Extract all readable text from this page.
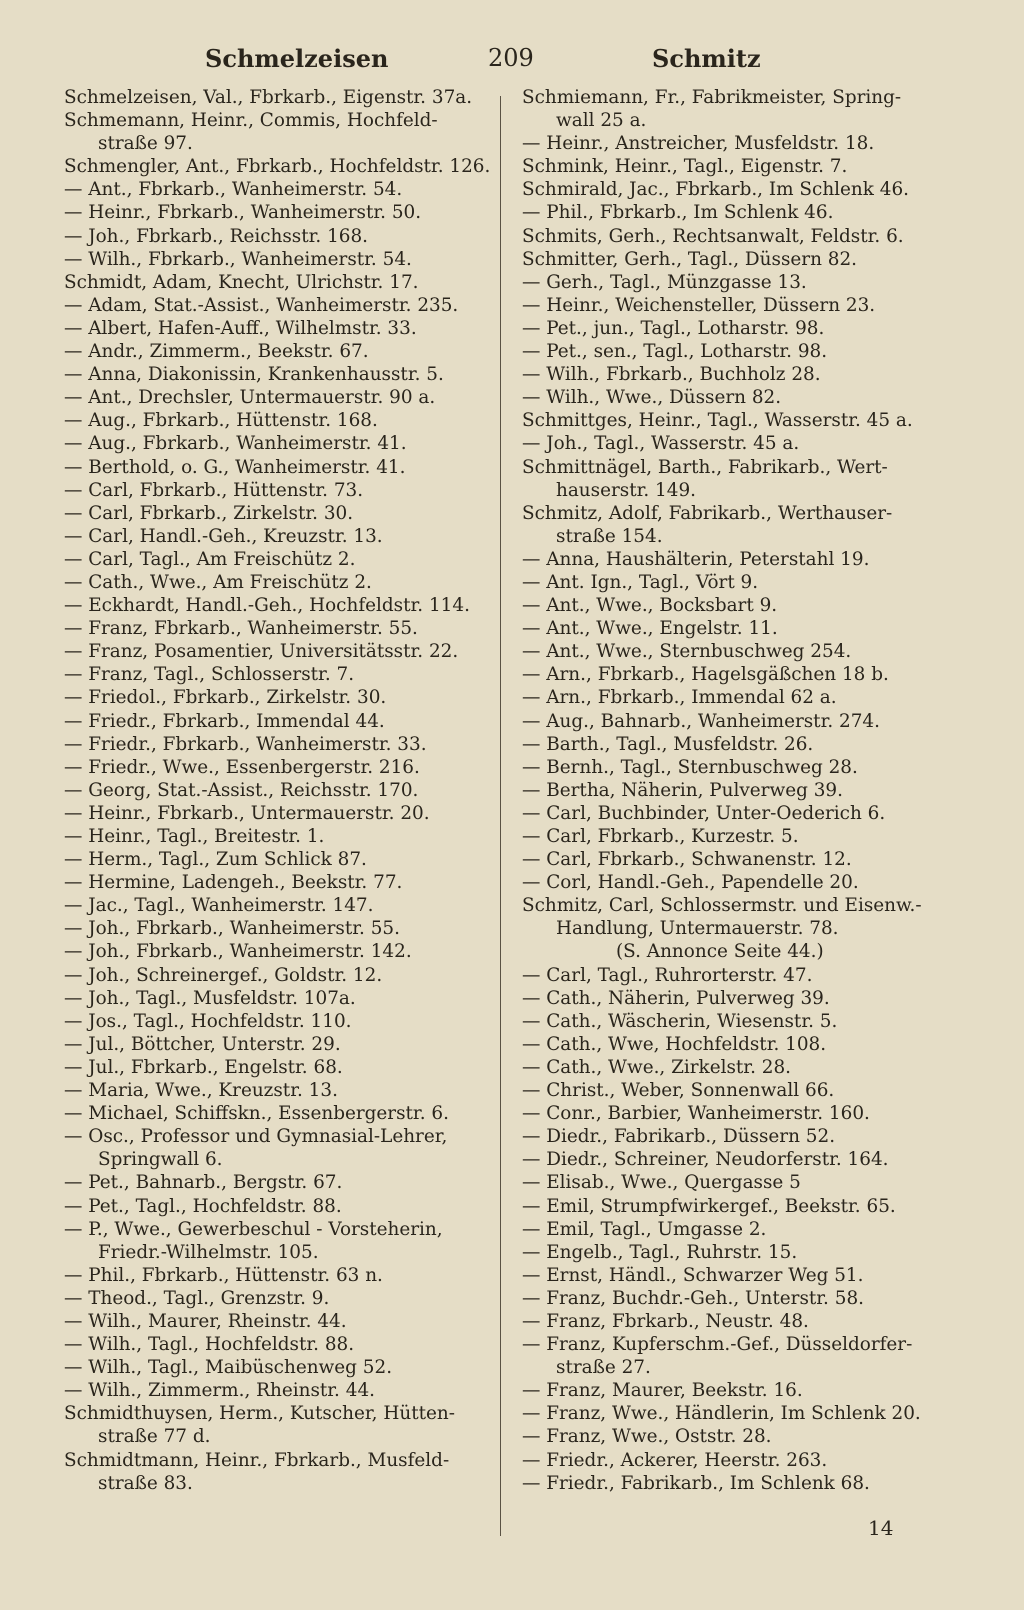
Schmelzeisen	209	Schmitz
Schmelzeisen, Val., Fbrkarb., Eigenstr. 37a.
Schmemann, Heinr., Commis, Hochfeld-
straße 97.
Schmengler, Ant., Fbrkarb., Hochfeldstr. 126.
— Ant., Fbrkarb., Wanheimerstr. 54.
— Heinr., Fbrkarb., Wanheimerstr. 50.
— Joh., Fbrkarb., Reichsstr. 168.
— Wilh., Fbrkarb., Wanheimerstr. 54.
Schmidt, Adam, Knecht, Ulrichstr. 17.
— Adam, Stat.-Assist., Wanheimerstr. 235.
— Albert, Hafen-Auff., Wilhelmstr. 33.
— Andr., Zimmerm., Beekstr. 67.
— Anna, Diakonissin, Krankenhausstr. 5.
— Ant., Drechsler, Untermauerstr. 90 a.
— Aug., Fbrkarb., Hüttenstr. 168.
— Aug., Fbrkarb., Wanheimerstr. 41.
— Berthold, o. G., Wanheimerstr. 41.
— Carl, Fbrkarb., Hüttenstr. 73.
— Carl, Fbrkarb., Zirkelstr. 30.
— Carl, Handl.-Geh., Kreuzstr. 13.
— Carl, Tagl., Am Freischütz 2.
— Cath., Wwe., Am Freischütz 2.
— Eckhardt, Handl.-Geh., Hochfeldstr. 114.
— Franz, Fbrkarb., Wanheimerstr. 55.
— Franz, Posamentier, Universitätsstr. 22.
— Franz, Tagl., Schlosserstr. 7.
— Friedol., Fbrkarb., Zirkelstr. 30.
— Friedr., Fbrkarb., Immendal 44.
— Friedr., Fbrkarb., Wanheimerstr. 33.
— Friedr., Wwe., Essenbergerstr. 216.
— Georg, Stat.-Assist., Reichsstr. 170.
— Heinr., Fbrkarb., Untermauerstr. 20.
— Heinr., Tagl., Breitestr. 1.
— Herm., Tagl., Zum Schlick 87.
— Hermine, Ladengeh., Beekstr. 77.
— Jac., Tagl., Wanheimerstr. 147.
— Joh., Fbrkarb., Wanheimerstr. 55.
— Joh., Fbrkarb., Wanheimerstr. 142.
— Joh., Schreinergef., Goldstr. 12.
— Joh., Tagl., Musfeldstr. 107a.
— Jos., Tagl., Hochfeldstr. 110.
— Jul., Böttcher, Unterstr. 29.
— Jul., Fbrkarb., Engelstr. 68.
— Maria, Wwe., Kreuzstr. 13.
— Michael, Schiffskn., Essenbergerstr. 6.
— Osc., Professor und Gymnasial-Lehrer,
Springwall 6.
— Pet., Bahnarb., Bergstr. 67.
— Pet., Tagl., Hochfeldstr. 88.
— P., Wwe., Gewerbeschul - Vorsteherin,
Friedr.-Wilhelmstr. 105.
— Phil., Fbrkarb., Hüttenstr. 63 n.
— Theod., Tagl., Grenzstr. 9.
— Wilh., Maurer, Rheinstr. 44.
— Wilh., Tagl., Hochfeldstr. 88.
— Wilh., Tagl., Maibüschenweg 52.
— Wilh., Zimmerm., Rheinstr. 44.
Schmidthuysen, Herm., Kutscher, Hütten-
straße 77 d.
Schmidtmann, Heinr., Fbrkarb., Musfeld-
straße 83.
Schmiemann, Fr., Fabrikmeister, Spring-
wall 25 a.
— Heinr., Anstreicher, Musfeldstr. 18.
Schmink, Heinr., Tagl., Eigenstr. 7.
Schmirald, Jac., Fbrkarb., Im Schlenk 46.
— Phil., Fbrkarb., Im Schlenk 46.
Schmits, Gerh., Rechtsanwalt, Feldstr. 6.
Schmitter, Gerh., Tagl., Düssern 82.
— Gerh., Tagl., Münzgasse 13.
— Heinr., Weichensteller, Düssern 23.
— Pet., jun., Tagl., Lotharstr. 98.
— Pet., sen., Tagl., Lotharstr. 98.
— Wilh., Fbrkarb., Buchholz 28.
— Wilh., Wwe., Düssern 82.
Schmittges, Heinr., Tagl., Wasserstr. 45 a.
— Joh., Tagl., Wasserstr. 45 a.
Schmittnägel, Barth., Fabrikarb., Wert-
hauserstr. 149.
Schmitz, Adolf, Fabrikarb., Werthauser-
straße 154.
— Anna, Haushälterin, Peterstahl 19.
— Ant. Ign., Tagl., Vört 9.
— Ant., Wwe., Bocksbart 9.
— Ant., Wwe., Engelstr. 11.
— Ant., Wwe., Sternbuschweg 254.
— Arn., Fbrkarb., Hagelsgäßchen 18 b.
— Arn., Fbrkarb., Immendal 62 a.
— Aug., Bahnarb., Wanheimerstr. 274.
— Barth., Tagl., Musfeldstr. 26.
— Bernh., Tagl., Sternbuschweg 28.
— Bertha, Näherin, Pulverweg 39.
— Carl, Buchbinder, Unter-Oederich 6.
— Carl, Fbrkarb., Kurzestr. 5.
— Carl, Fbrkarb., Schwanenstr. 12.
— Corl, Handl.-Geh., Papendelle 20.
Schmitz, Carl, Schlossermstr. und Eisenw.-
Handlung, Untermauerstr. 78.
(S. Annonce Seite 44.)
— Carl, Tagl., Ruhrorterstr. 47.
— Cath., Näherin, Pulverweg 39.
— Cath., Wäscherin, Wiesenstr. 5.
— Cath., Wwe, Hochfeldstr. 108.
— Cath., Wwe., Zirkelstr. 28.
— Christ., Weber, Sonnenwall 66.
— Conr., Barbier, Wanheimerstr. 160.
— Diedr., Fabrikarb., Düssern 52.
— Diedr., Schreiner, Neudorferstr. 164.
— Elisab., Wwe., Quergasse 5
— Emil, Strumpfwirkergef., Beekstr. 65.
— Emil, Tagl., Umgasse 2.
— Engelb., Tagl., Ruhrstr. 15.
— Ernst, Händl., Schwarzer Weg 51.
— Franz, Buchdr.-Geh., Unterstr. 58.
— Franz, Fbrkarb., Neustr. 48.
— Franz, Kupferschm.-Gef., Düsseldorfer-
straße 27.
— Franz, Maurer, Beekstr. 16.
— Franz, Wwe., Händlerin, Im Schlenk 20.
— Franz, Wwe., Oststr. 28.
— Friedr., Ackerer, Heerstr. 263.
— Friedr., Fabrikarb., Im Schlenk 68.
14
